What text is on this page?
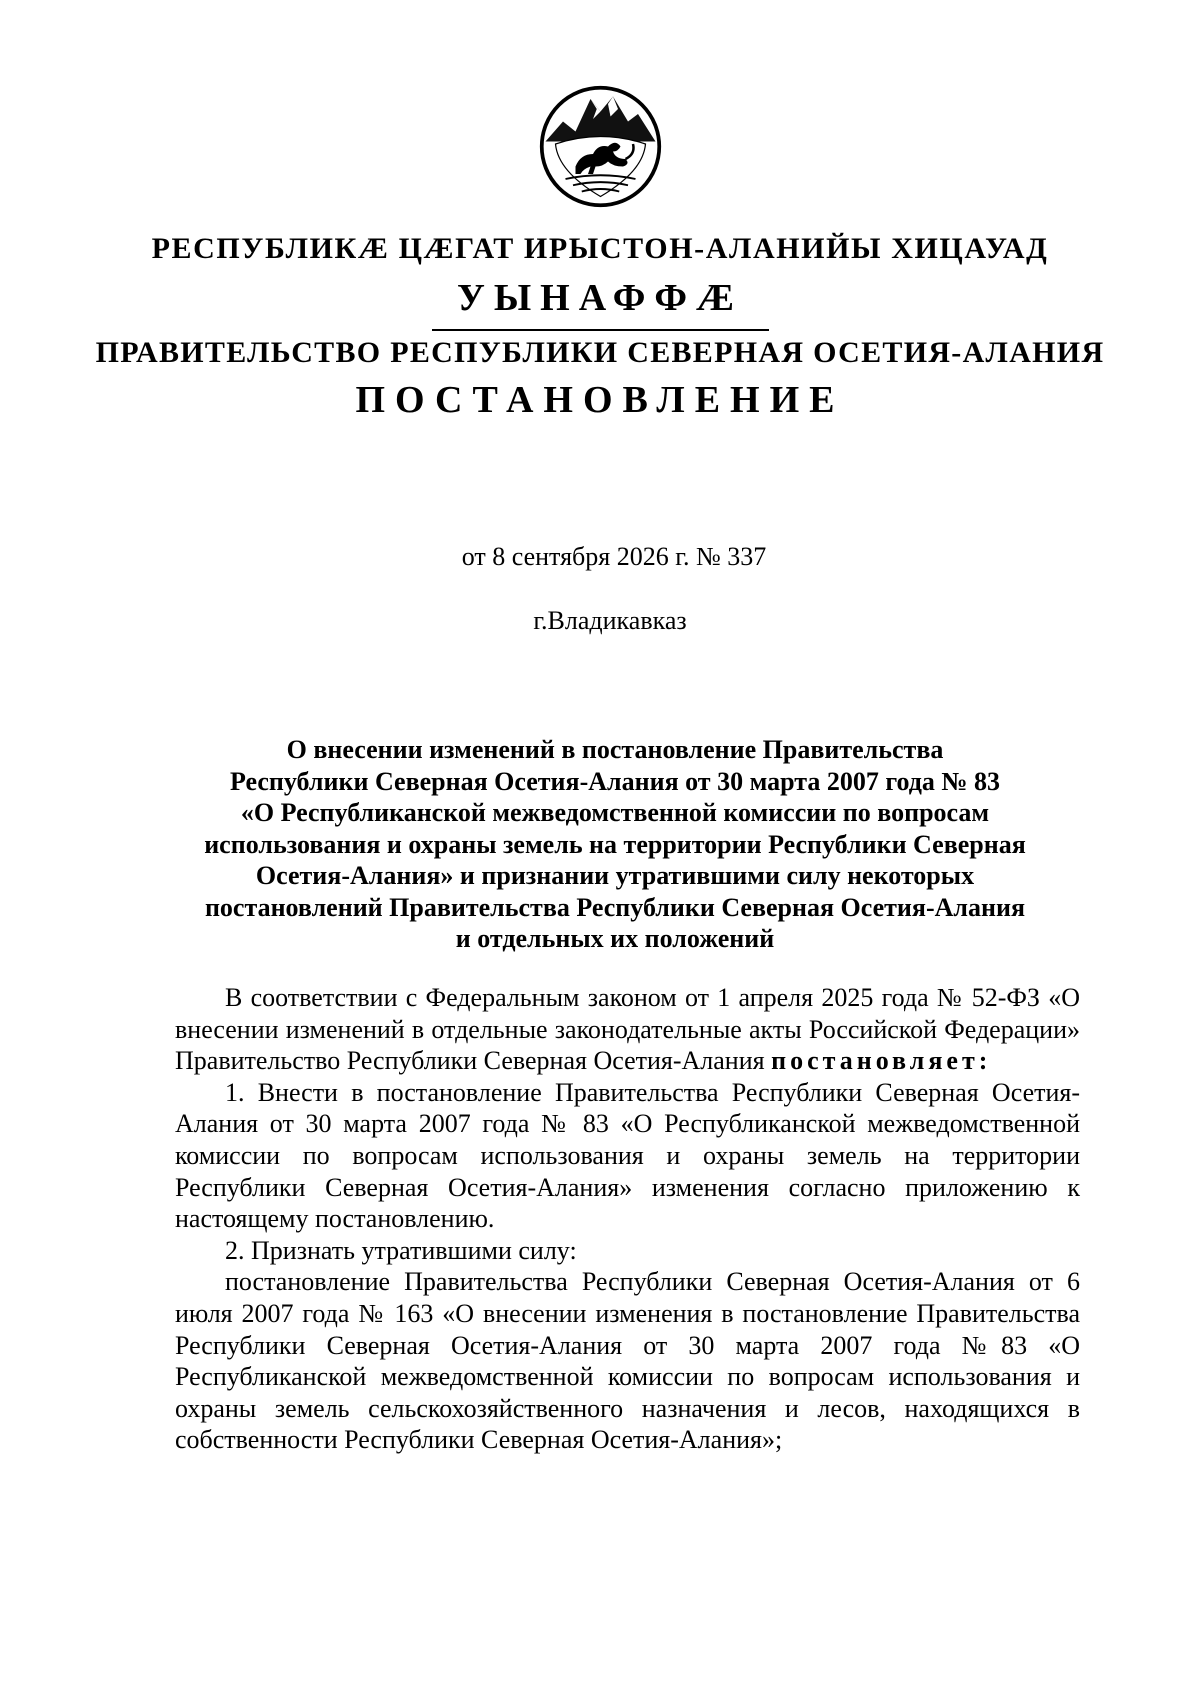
РЕСПУБЛИКӔ ЦӔГАТ ИРЫСТОН-АЛАНИЙЫ ХИЦАУАД
УЫНАФФӔ
ПРАВИТЕЛЬСТВО РЕСПУБЛИКИ СЕВЕРНАЯ ОСЕТИЯ-АЛАНИЯ
ПОСТАНОВЛЕНИЕ
от 8 сентября 2026 г. № 337
г.Владикавказ
О внесении изменений в постановление Правительства
Республики Северная Осетия-Алания от 30 марта 2007 года № 83
«О Республиканской межведомственной комиссии по вопросам
использования и охраны земель на территории Республики Северная
Осетия-Алания» и признании утратившими силу некоторых
постановлений Правительства Республики Северная Осетия-Алания
и отдельных их положений

В соответствии с Федеральным законом от 1 апреля 2025 года № 52-ФЗ «О внесении изменений в отдельные законодательные акты Российской Федерации» Правительство Республики Северная Осетия-Алания постановляет:

1. Внести в постановление Правительства Республики Северная Осетия-Алания от 30 марта 2007 года № 83 «О Республиканской межведомственной комиссии по вопросам использования и охраны земель на территории Республики Северная Осетия-Алания» изменения согласно приложению к настоящему постановлению.

2. Признать утратившими силу:

постановление Правительства Республики Северная Осетия-Алания от 6 июля 2007 года № 163 «О внесении изменения в постановление Правительства Республики Северная Осетия-Алания от 30 марта 2007 года №83 «О Республиканской межведомственной комиссии по вопросам использования и охраны земель сельскохозяйственного назначения и лесов, находящихся в собственности Республики Северная Осетия-Алания»;
